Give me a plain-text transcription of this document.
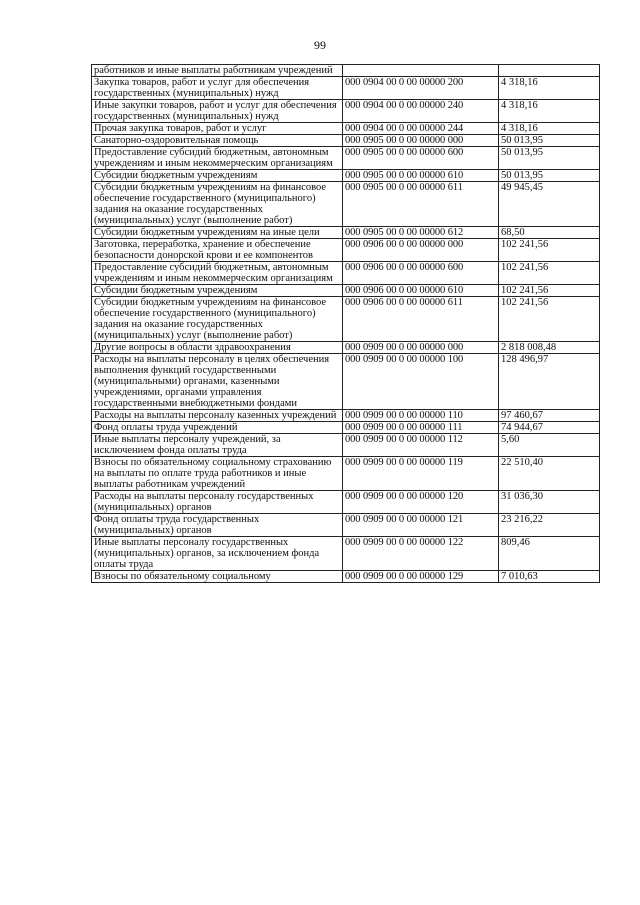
99
работников и иные выплаты работникам учреждений		
Закупка товаров, работ и услуг для обеспечения государственных (муниципальных) нужд	000 0904 00 0 00 00000 200	4 318,16
Иные закупки товаров, работ и услуг для обеспечения государственных (муниципальных) нужд	000 0904 00 0 00 00000 240	4 318,16
Прочая закупка товаров, работ и услуг	000 0904 00 0 00 00000 244	4 318,16
Санаторно-оздоровительная помощь	000 0905 00 0 00 00000 000	50 013,95
Предоставление субсидий бюджетным, автономным учреждениям и иным некоммерческим организациям	000 0905 00 0 00 00000 600	50 013,95
Субсидии бюджетным учреждениям	000 0905 00 0 00 00000 610	50 013,95
Субсидии бюджетным учреждениям на финансовое обеспечение государственного (муниципального) задания на оказание государственных (муниципальных) услуг (выполнение работ)	000 0905 00 0 00 00000 611	49 945,45
Субсидии бюджетным учреждениям на иные цели	000 0905 00 0 00 00000 612	68,50
Заготовка, переработка, хранение и обеспечение безопасности донорской крови и ее компонентов	000 0906 00 0 00 00000 000	102 241,56
Предоставление субсидий бюджетным, автономным учреждениям и иным некоммерческим организациям	000 0906 00 0 00 00000 600	102 241,56
Субсидии бюджетным учреждениям	000 0906 00 0 00 00000 610	102 241,56
Субсидии бюджетным учреждениям на финансовое обеспечение государственного (муниципального) задания на оказание государственных (муниципальных) услуг (выполнение работ)	000 0906 00 0 00 00000 611	102 241,56
Другие вопросы в области здравоохранения	000 0909 00 0 00 00000 000	2 818 008,48
Расходы на выплаты персоналу в целях обеспечения выполнения функций государственными (муниципальными) органами, казенными учреждениями, органами управления государственными внебюджетными фондами	000 0909 00 0 00 00000 100	128 496,97
Расходы на выплаты персоналу казенных учреждений	000 0909 00 0 00 00000 110	97 460,67
Фонд оплаты труда учреждений	000 0909 00 0 00 00000 111	74 944,67
Иные выплаты персоналу учреждений, за исключением фонда оплаты труда	000 0909 00 0 00 00000 112	5,60
Взносы по обязательному социальному страхованию на выплаты по оплате труда работников и иные выплаты работникам учреждений	000 0909 00 0 00 00000 119	22 510,40
Расходы на выплаты персоналу государственных (муниципальных) органов	000 0909 00 0 00 00000 120	31 036,30
Фонд оплаты труда государственных (муниципальных) органов	000 0909 00 0 00 00000 121	23 216,22
Иные выплаты персоналу государственных (муниципальных) органов, за исключением фонда оплаты труда	000 0909 00 0 00 00000 122	809,46
Взносы по обязательному социальному	000 0909 00 0 00 00000 129	7 010,63
